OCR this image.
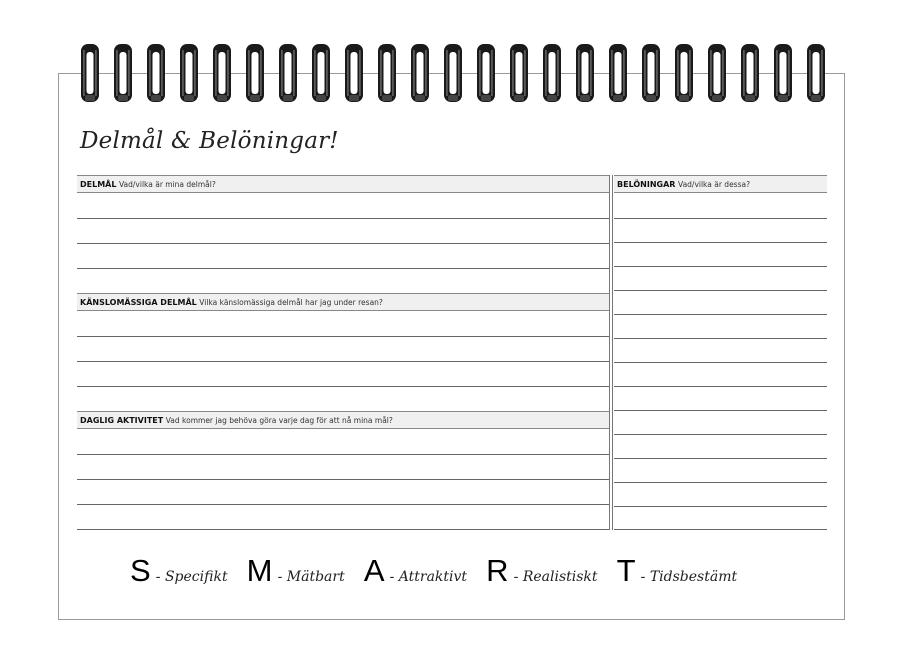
Delmål & Belöningar!
DELMÅL Vad/vilka är mina delmål?
KÄNSLOMÄSSIGA DELMÅL Vilka känslomässiga delmål har jag under resan?
DAGLIG AKTIVITET Vad kommer jag behöva göra varje dag för att nå mina mål?
BELÖNINGAR Vad/vilka är dessa?
S - Specifikt M - Mätbart A - Attraktivt R - Realistiskt T - Tidsbestämt
